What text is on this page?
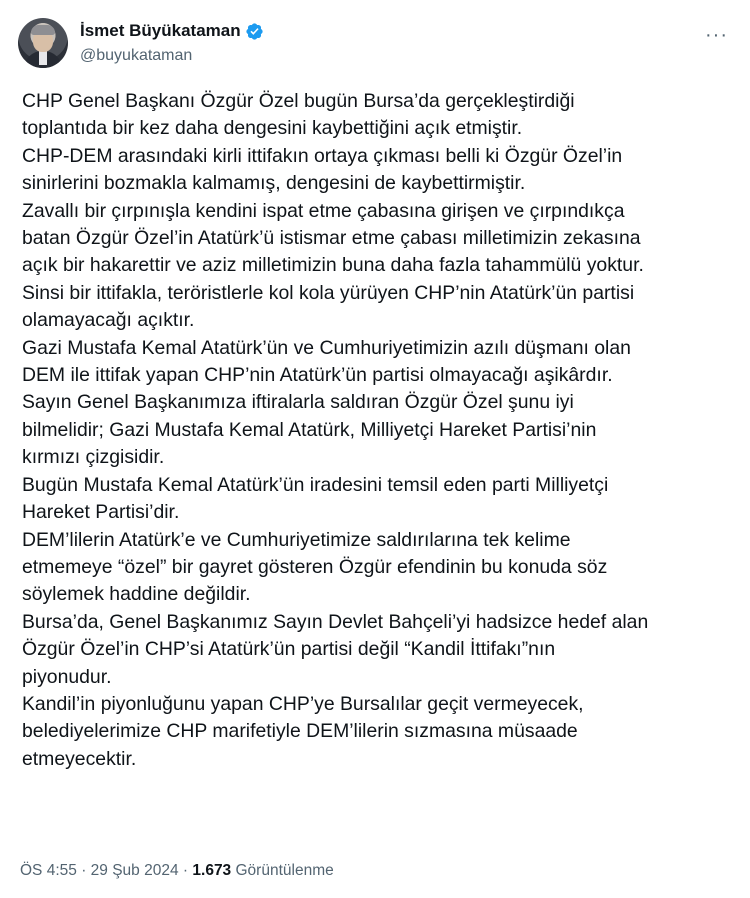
İsmet Büyükataman
@buyukataman
···
CHP Genel Başkanı Özgür Özel bugün Bursa’da gerçekleştirdiği
toplantıda bir kez daha dengesini kaybettiğini açık etmiştir.
CHP-DEM arasındaki kirli ittifakın ortaya çıkması belli ki Özgür Özel’in
sinirlerini bozmakla kalmamış, dengesini de kaybettirmiştir.
Zavallı bir çırpınışla kendini ispat etme çabasına girişen ve çırpındıkça
batan Özgür Özel’in Atatürk’ü istismar etme çabası milletimizin zekasına
açık bir hakarettir ve aziz milletimizin buna daha fazla tahammülü yoktur.
Sinsi bir ittifakla, teröristlerle kol kola yürüyen CHP’nin Atatürk’ün partisi
olamayacağı açıktır.
Gazi Mustafa Kemal Atatürk’ün ve Cumhuriyetimizin azılı düşmanı olan
DEM ile ittifak yapan CHP’nin Atatürk’ün partisi olmayacağı aşikârdır.
Sayın Genel Başkanımıza iftiralarla saldıran Özgür Özel şunu iyi
bilmelidir; Gazi Mustafa Kemal Atatürk, Milliyetçi Hareket Partisi’nin
kırmızı çizgisidir.
Bugün Mustafa Kemal Atatürk’ün iradesini temsil eden parti Milliyetçi
Hareket Partisi’dir.
DEM’lilerin Atatürk’e ve Cumhuriyetimize saldırılarına tek kelime
etmemeye “özel” bir gayret gösteren Özgür efendinin bu konuda söz
söylemek haddine değildir.
Bursa’da, Genel Başkanımız Sayın Devlet Bahçeli’yi hadsizce hedef alan
Özgür Özel’in CHP’si Atatürk’ün partisi değil “Kandil İttifakı”nın
piyonudur.
Kandil’in piyonluğunu yapan CHP’ye Bursalılar geçit vermeyecek,
belediyelerimize CHP marifetiyle DEM’lilerin sızmasına müsaade
etmeyecektir.
ÖS 4:55 · 29 Şub 2024 · 1.673 Görüntülenme
